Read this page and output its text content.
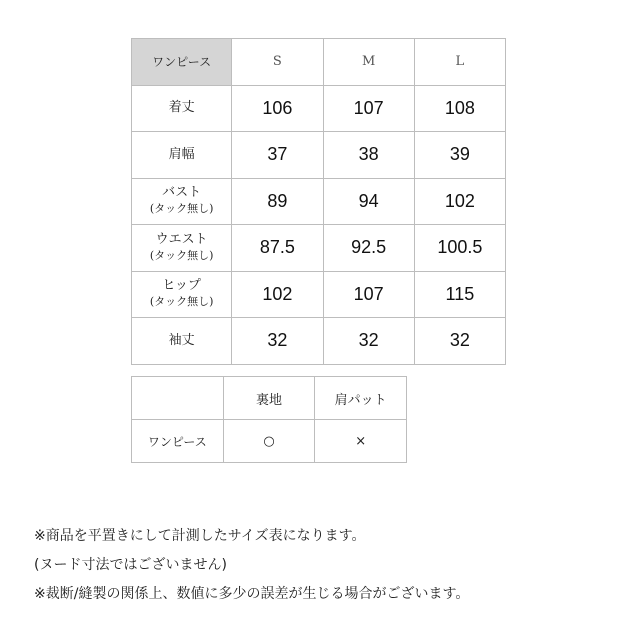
ワンピース	S	M	L
着丈	106	107	108
肩幅	37	38	39
バスト
(タック無し)	89	94	102
ウエスト
(タック無し)	87.5	92.5	100.5
ヒップ
(タック無し)	102	107	115
袖丈	32	32	32
	裏地	肩パット
ワンピース	○	×
※商品を平置きにして計測したサイズ表になります。
(ヌード寸法ではございません)
※裁断/縫製の関係上、数値に多少の誤差が生じる場合がございます。
